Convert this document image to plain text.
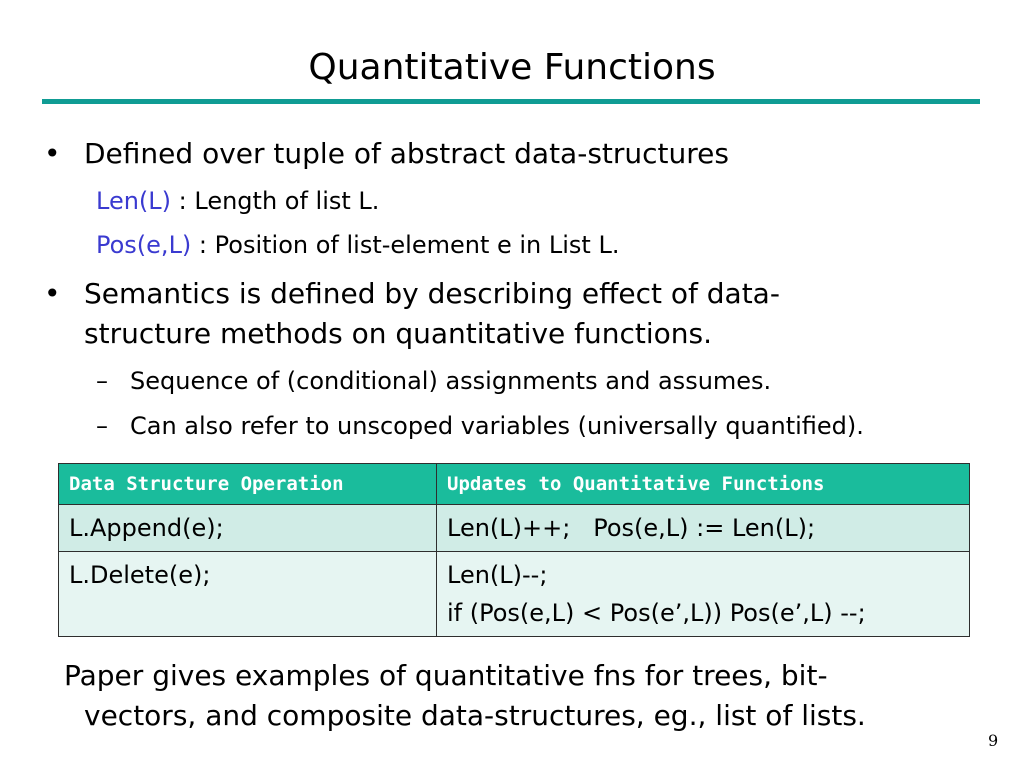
Quantitative Functions
• Defined over tuple of abstract data-structures
Len(L) : Length of list L.
Pos(e,L) : Position of list-element e in List L.
• Semantics is defined by describing effect of data-
structure methods on quantitative functions.
– Sequence of (conditional) assignments and assumes.
– Can also refer to unscoped variables (universally quantified).
Data Structure Operation	Updates to Quantitative Functions
L.Append(e);	Len(L)++;   Pos(e,L) := Len(L);
L.Delete(e);	Len(L)--;
if (Pos(e,L) < Pos(e’,L)) Pos(e’,L) --;
Paper gives examples of quantitative fns for trees, bit-
vectors, and composite data-structures, eg., list of lists.
9
